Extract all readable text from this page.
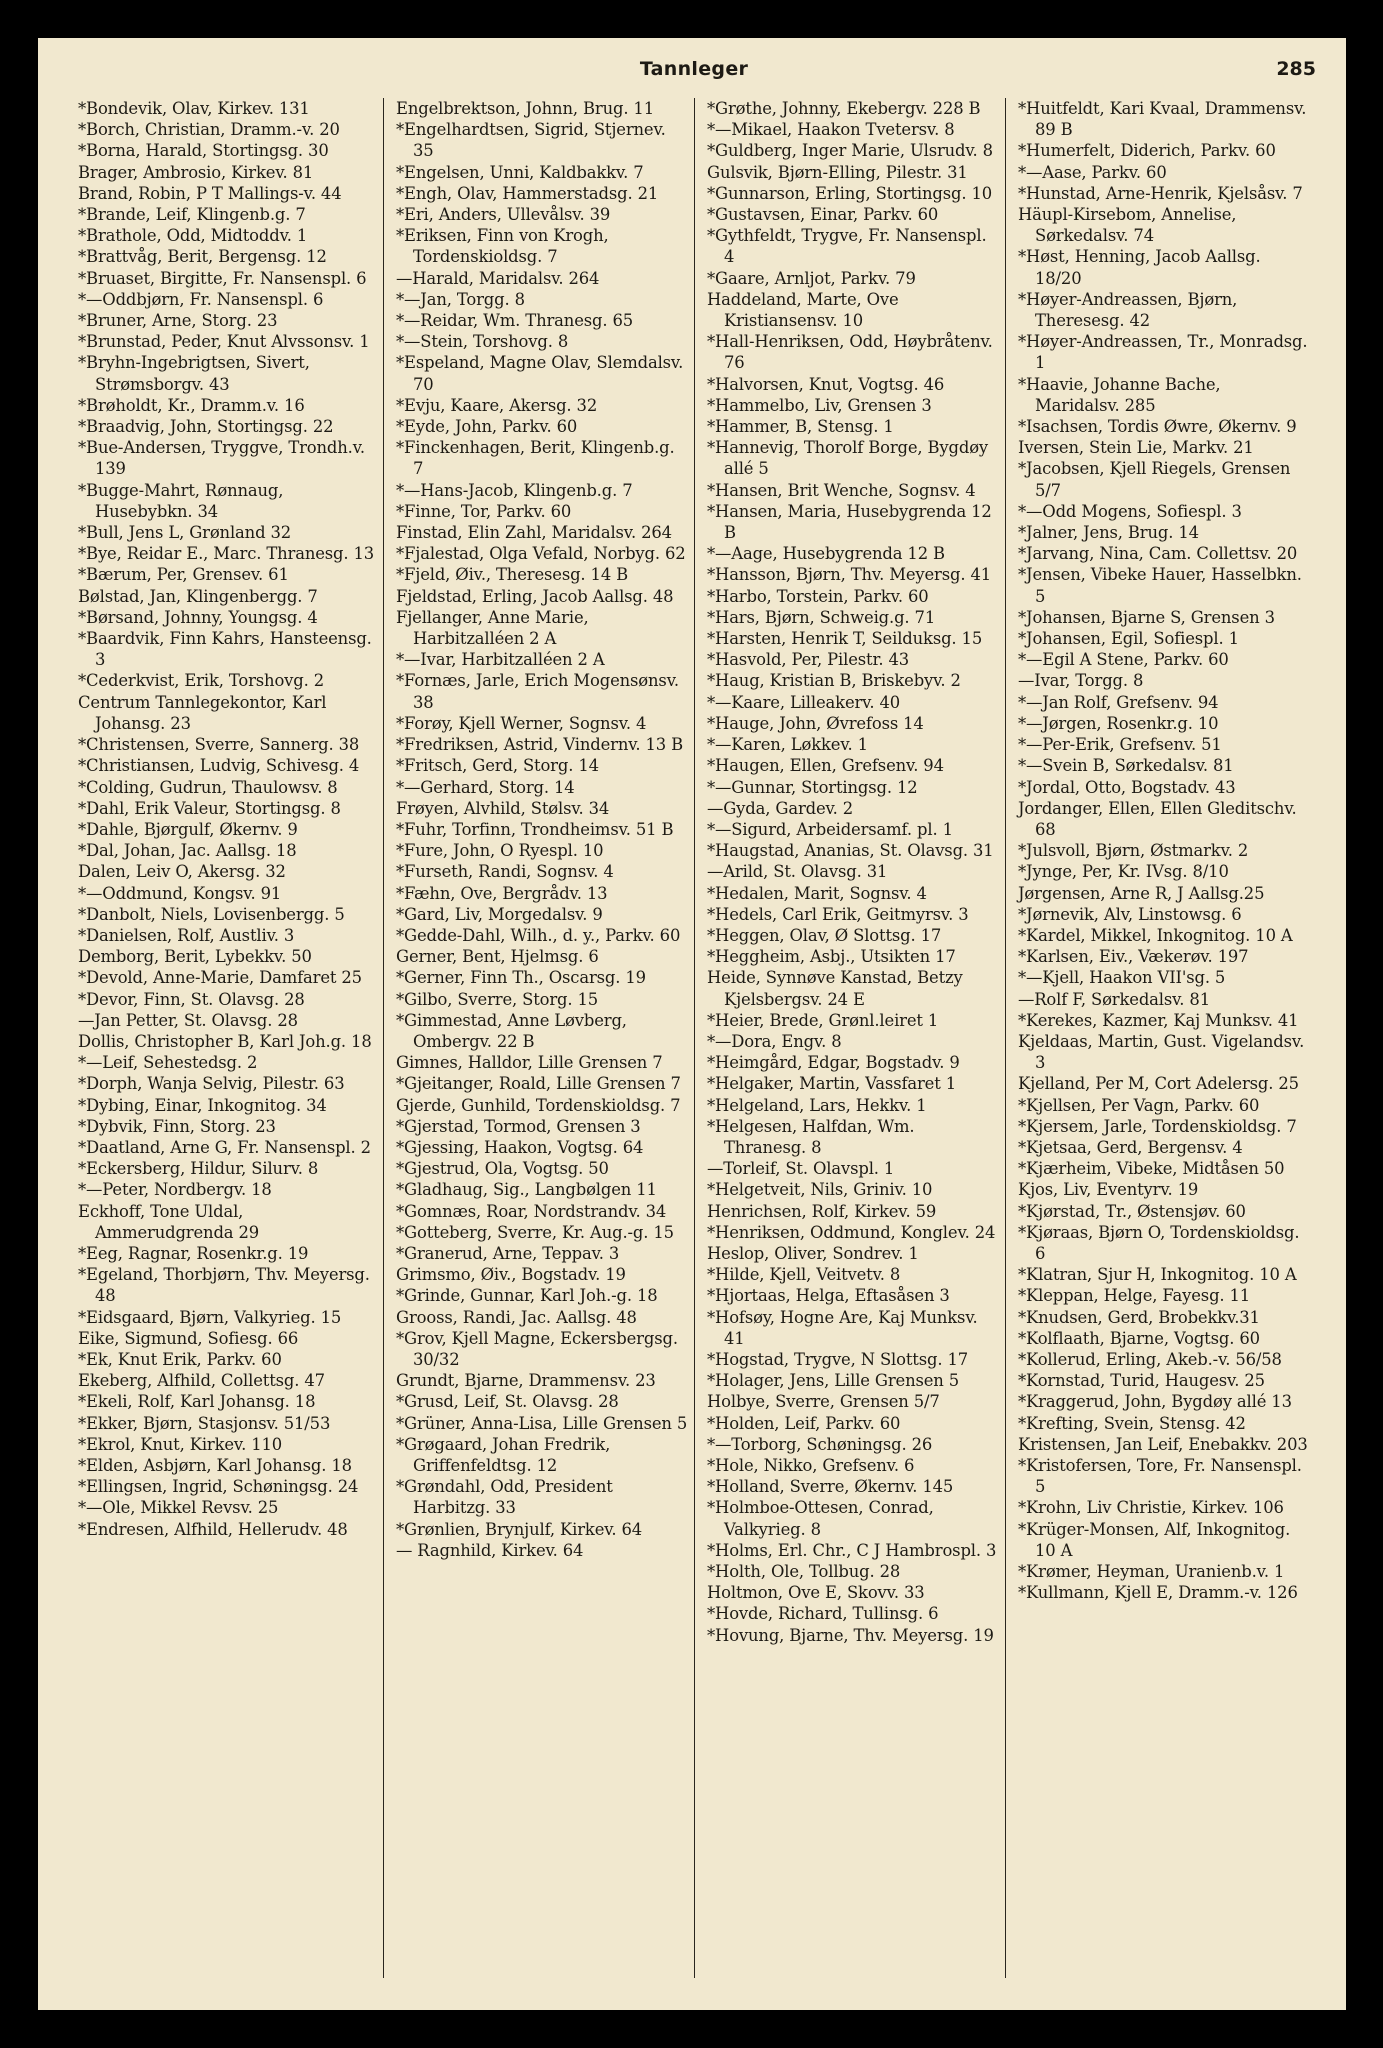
Tannleger	285
*Bondevik, Olav, Kirkev. 131
*Borch, Christian, Dramm.-v. 20
*Borna, Harald, Stortingsg. 30
Brager, Ambrosio, Kirkev. 81
Brand, Robin, P T Mallings-v. 44
*Brande, Leif, Klingenb.g. 7
*Brathole, Odd, Midtoddv. 1
*Brattvåg, Berit, Bergensg. 12
*Bruaset, Birgitte, Fr. Nansenspl. 6
*—Oddbjørn, Fr. Nansenspl. 6
*Bruner, Arne, Storg. 23
*Brunstad, Peder, Knut Alvssonsv. 1
*Bryhn-Ingebrigtsen, Sivert, Strømsborgv. 43
*Brøholdt, Kr., Dramm.v. 16
*Braadvig, John, Stortingsg. 22
*Bue-Andersen, Tryggve, Trondh.v. 139
*Bugge-Mahrt, Rønnaug, Husebybkn. 34
*Bull, Jens L, Grønland 32
*Bye, Reidar E., Marc. Thranesg. 13
*Bærum, Per, Grensev. 61
Bølstad, Jan, Klingenbergg. 7
*Børsand, Johnny, Youngsg. 4
*Baardvik, Finn Kahrs, Hansteensg. 3
*Cederkvist, Erik, Torshovg. 2
Centrum Tannlegekontor, Karl Johansg. 23
*Christensen, Sverre, Sannerg. 38
*Christiansen, Ludvig, Schivesg. 4
*Colding, Gudrun, Thaulowsv. 8
*Dahl, Erik Valeur, Stortingsg. 8
*Dahle, Bjørgulf, Økernv. 9
*Dal, Johan, Jac. Aallsg. 18
Dalen, Leiv O, Akersg. 32
*—Oddmund, Kongsv. 91
*Danbolt, Niels, Lovisenbergg. 5
*Danielsen, Rolf, Austliv. 3
Demborg, Berit, Lybekkv. 50
*Devold, Anne-Marie, Damfaret 25
*Devor, Finn, St. Olavsg. 28
—Jan Petter, St. Olavsg. 28
Dollis, Christopher B, Karl Joh.g. 18
*—Leif, Sehestedsg. 2
*Dorph, Wanja Selvig, Pilestr. 63
*Dybing, Einar, Inkognitog. 34
*Dybvik, Finn, Storg. 23
*Daatland, Arne G, Fr. Nansenspl. 2
*Eckersberg, Hildur, Silurv. 8
*—Peter, Nordbergv. 18
Eckhoff, Tone Uldal, Ammerudgrenda 29
*Eeg, Ragnar, Rosenkr.g. 19
*Egeland, Thorbjørn, Thv. Meyersg. 48
*Eidsgaard, Bjørn, Valkyrieg. 15
Eike, Sigmund, Sofiesg. 66
*Ek, Knut Erik, Parkv. 60
Ekeberg, Alfhild, Collettsg. 47
*Ekeli, Rolf, Karl Johansg. 18
*Ekker, Bjørn, Stasjonsv. 51/53
*Ekrol, Knut, Kirkev. 110
*Elden, Asbjørn, Karl Johansg. 18
*Ellingsen, Ingrid, Schøningsg. 24
*—Ole, Mikkel Revsv. 25
*Endresen, Alfhild, Hellerudv. 48
Engelbrektson, Johnn, Brug. 11
*Engelhardtsen, Sigrid, Stjernev. 35
*Engelsen, Unni, Kaldbakkv. 7
*Engh, Olav, Hammerstadsg. 21
*Eri, Anders, Ullevålsv. 39
*Eriksen, Finn von Krogh, Tordenskioldsg. 7
—Harald, Maridalsv. 264
*—Jan, Torgg. 8
*—Reidar, Wm. Thranesg. 65
*—Stein, Torshovg. 8
*Espeland, Magne Olav, Slemdalsv. 70
*Evju, Kaare, Akersg. 32
*Eyde, John, Parkv. 60
*Finckenhagen, Berit, Klingenb.g. 7
*—Hans-Jacob, Klingenb.g. 7
*Finne, Tor, Parkv. 60
Finstad, Elin Zahl, Maridalsv. 264
*Fjalestad, Olga Vefald, Norbyg. 62
*Fjeld, Øiv., Theresesg. 14 B
Fjeldstad, Erling, Jacob Aallsg. 48
Fjellanger, Anne Marie, Harbitzalléen 2 A
*—Ivar, Harbitzalléen 2 A
*Fornæs, Jarle, Erich Mogensønsv. 38
*Forøy, Kjell Werner, Sognsv. 4
*Fredriksen, Astrid, Vindernv. 13 B
*Fritsch, Gerd, Storg. 14
*—Gerhard, Storg. 14
Frøyen, Alvhild, Stølsv. 34
*Fuhr, Torfinn, Trondheimsv. 51 B
*Fure, John, O Ryespl. 10
*Furseth, Randi, Sognsv. 4
*Fæhn, Ove, Bergrådv. 13
*Gard, Liv, Morgedalsv. 9
*Gedde-Dahl, Wilh., d. y., Parkv. 60
Gerner, Bent, Hjelmsg. 6
*Gerner, Finn Th., Oscarsg. 19
*Gilbo, Sverre, Storg. 15
*Gimmestad, Anne Løvberg, Ombergv. 22 B
Gimnes, Halldor, Lille Grensen 7
*Gjeitanger, Roald, Lille Grensen 7
Gjerde, Gunhild, Tordenskioldsg. 7
*Gjerstad, Tormod, Grensen 3
*Gjessing, Haakon, Vogtsg. 64
*Gjestrud, Ola, Vogtsg. 50
*Gladhaug, Sig., Langbølgen 11
*Gomnæs, Roar, Nordstrandv. 34
*Gotteberg, Sverre, Kr. Aug.-g. 15
*Granerud, Arne, Teppav. 3
Grimsmo, Øiv., Bogstadv. 19
*Grinde, Gunnar, Karl Joh.-g. 18
Grooss, Randi, Jac. Aallsg. 48
*Grov, Kjell Magne, Eckersbergsg. 30/32
Grundt, Bjarne, Drammensv. 23
*Grusd, Leif, St. Olavsg. 28
*Grüner, Anna-Lisa, Lille Grensen 5
*Grøgaard, Johan Fredrik, Griffenfeldtsg. 12
*Grøndahl, Odd, President Harbitzg. 33
*Grønlien, Brynjulf, Kirkev. 64
— Ragnhild, Kirkev. 64
*Grøthe, Johnny, Ekebergv. 228 B
*—Mikael, Haakon Tvetersv. 8
*Guldberg, Inger Marie, Ulsrudv. 8
Gulsvik, Bjørn-Elling, Pilestr. 31
*Gunnarson, Erling, Stortingsg. 10
*Gustavsen, Einar, Parkv. 60
*Gythfeldt, Trygve, Fr. Nansenspl. 4
*Gaare, Arnljot, Parkv. 79
Haddeland, Marte, Ove Kristiansensv. 10
*Hall-Henriksen, Odd, Høybråtenv. 76
*Halvorsen, Knut, Vogtsg. 46
*Hammelbo, Liv, Grensen 3
*Hammer, B, Stensg. 1
*Hannevig, Thorolf Borge, Bygdøy allé 5
*Hansen, Brit Wenche, Sognsv. 4
*Hansen, Maria, Husebygrenda 12 B
*—Aage, Husebygrenda 12 B
*Hansson, Bjørn, Thv. Meyersg. 41
*Harbo, Torstein, Parkv. 60
*Hars, Bjørn, Schweig.g. 71
*Harsten, Henrik T, Seilduksg. 15
*Hasvold, Per, Pilestr. 43
*Haug, Kristian B, Briskebyv. 2
*—Kaare, Lilleakerv. 40
*Hauge, John, Øvrefoss 14
*—Karen, Løkkev. 1
*Haugen, Ellen, Grefsenv. 94
*—Gunnar, Stortingsg. 12
—Gyda, Gardev. 2
*—Sigurd, Arbeidersamf. pl. 1
*Haugstad, Ananias, St. Olavsg. 31
—Arild, St. Olavsg. 31
*Hedalen, Marit, Sognsv. 4
*Hedels, Carl Erik, Geitmyrsv. 3
*Heggen, Olav, Ø Slottsg. 17
*Heggheim, Asbj., Utsikten 17
Heide, Synnøve Kanstad, Betzy Kjelsbergsv. 24 E
*Heier, Brede, Grønl.leiret 1
*—Dora, Engv. 8
*Heimgård, Edgar, Bogstadv. 9
*Helgaker, Martin, Vassfaret 1
*Helgeland, Lars, Hekkv. 1
*Helgesen, Halfdan, Wm. Thranesg. 8
—Torleif, St. Olavspl. 1
*Helgetveit, Nils, Griniv. 10
Henrichsen, Rolf, Kirkev. 59
*Henriksen, Oddmund, Konglev. 24
Heslop, Oliver, Sondrev. 1
*Hilde, Kjell, Veitvetv. 8
*Hjortaas, Helga, Eftasåsen 3
*Hofsøy, Hogne Are, Kaj Munksv. 41
*Hogstad, Trygve, N Slottsg. 17
*Holager, Jens, Lille Grensen 5
Holbye, Sverre, Grensen 5/7
*Holden, Leif, Parkv. 60
*—Torborg, Schøningsg. 26
*Hole, Nikko, Grefsenv. 6
*Holland, Sverre, Økernv. 145
*Holmboe-Ottesen, Conrad, Valkyrieg. 8
*Holms, Erl. Chr., C J Hambrospl. 3
*Holth, Ole, Tollbug. 28
Holtmon, Ove E, Skovv. 33
*Hovde, Richard, Tullinsg. 6
*Hovung, Bjarne, Thv. Meyersg. 19
*Huitfeldt, Kari Kvaal, Drammensv. 89 B
*Humerfelt, Diderich, Parkv. 60
*—Aase, Parkv. 60
*Hunstad, Arne-Henrik, Kjelsåsv. 7
Häupl-Kirsebom, Annelise, Sørkedalsv. 74
*Høst, Henning, Jacob Aallsg. 18/20
*Høyer-Andreassen, Bjørn, Theresesg. 42
*Høyer-Andreassen, Tr., Monradsg. 1
*Haavie, Johanne Bache, Maridalsv. 285
*Isachsen, Tordis Øwre, Økernv. 9
Iversen, Stein Lie, Markv. 21
*Jacobsen, Kjell Riegels, Grensen 5/7
*—Odd Mogens, Sofiespl. 3
*Jalner, Jens, Brug. 14
*Jarvang, Nina, Cam. Collettsv. 20
*Jensen, Vibeke Hauer, Hasselbkn. 5
*Johansen, Bjarne S, Grensen 3
*Johansen, Egil, Sofiespl. 1
*—Egil A Stene, Parkv. 60
—Ivar, Torgg. 8
*—Jan Rolf, Grefsenv. 94
*—Jørgen, Rosenkr.g. 10
*—Per-Erik, Grefsenv. 51
*—Svein B, Sørkedalsv. 81
*Jordal, Otto, Bogstadv. 43
Jordanger, Ellen, Ellen Gleditschv. 68
*Julsvoll, Bjørn, Østmarkv. 2
*Jynge, Per, Kr. IVsg. 8/10
Jørgensen, Arne R, J Aallsg.25
*Jørnevik, Alv, Linstowsg. 6
*Kardel, Mikkel, Inkognitog. 10 A
*Karlsen, Eiv., Vækerøv. 197
*—Kjell, Haakon VII'sg. 5
—Rolf F, Sørkedalsv. 81
*Kerekes, Kazmer, Kaj Munksv. 41
Kjeldaas, Martin, Gust. Vigelandsv. 3
Kjelland, Per M, Cort Adelersg. 25
*Kjellsen, Per Vagn, Parkv. 60
*Kjersem, Jarle, Tordenskioldsg. 7
*Kjetsaa, Gerd, Bergensv. 4
*Kjærheim, Vibeke, Midtåsen 50
Kjos, Liv, Eventyrv. 19
*Kjørstad, Tr., Østensjøv. 60
*Kjøraas, Bjørn O, Tordenskioldsg. 6
*Klatran, Sjur H, Inkognitog. 10 A
*Kleppan, Helge, Fayesg. 11
*Knudsen, Gerd, Brobekkv.31
*Kolflaath, Bjarne, Vogtsg. 60
*Kollerud, Erling, Akeb.-v. 56/58
*Kornstad, Turid, Haugesv. 25
*Kraggerud, John, Bygdøy allé 13
*Krefting, Svein, Stensg. 42
Kristensen, Jan Leif, Enebakkv. 203
*Kristofersen, Tore, Fr. Nansenspl. 5
*Krohn, Liv Christie, Kirkev. 106
*Krüger-Monsen, Alf, Inkognitog. 10 A
*Krømer, Heyman, Uranienb.v. 1
*Kullmann, Kjell E, Dramm.-v. 126
